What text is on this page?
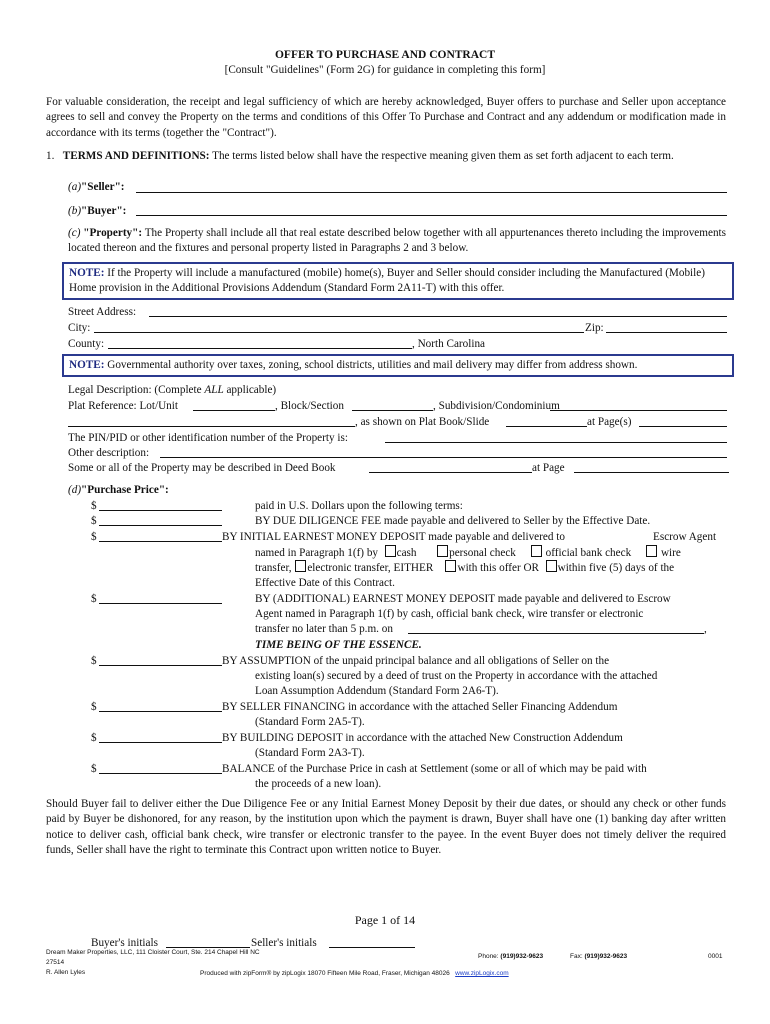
OFFER TO PURCHASE AND CONTRACT
[Consult "Guidelines" (Form 2G) for guidance in completing this form]
For valuable consideration, the receipt and legal sufficiency of which are hereby acknowledged, Buyer offers to purchase and Seller upon acceptance agrees to sell and convey the Property on the terms and conditions of this Offer To Purchase and Contract and any addendum or modification made in accordance with its terms (together the "Contract").
1. TERMS AND DEFINITIONS: The terms listed below shall have the respective meaning given them as set forth adjacent to each term.
(a)"Seller":
(b)"Buyer":
(c) "Property": The Property shall include all that real estate described below together with all appurtenances thereto including the improvements located thereon and the fixtures and personal property listed in Paragraphs 2 and 3 below.
NOTE: If the Property will include a manufactured (mobile) home(s), Buyer and Seller should consider including the Manufactured (Mobile) Home provision in the Additional Provisions Addendum (Standard Form 2A11-T) with this offer.
Street Address:
City:	Zip:
County:	, North Carolina
NOTE: Governmental authority over taxes, zoning, school districts, utilities and mail delivery may differ from address shown.
Legal Description: (Complete ALL applicable)
Plat Reference: Lot/Unit	, Block/Section	, Subdivision/Condominium
, as shown on Plat Book/Slide	at Page(s)
The PIN/PID or other identification number of the Property is:
Other description:
Some or all of the Property may be described in Deed Book	at Page
(d)"Purchase Price":
$	paid in U.S. Dollars upon the following terms:
$	BY DUE DILIGENCE FEE made payable and delivered to Seller by the Effective Date.
$	BY INITIAL EARNEST MONEY DEPOSIT made payable and delivered to	Escrow Agent
named in Paragraph 1(f) by cash	personal check	official bank check	wire
transfer, electronic transfer, EITHER with this offer OR within five (5) days of the
Effective Date of this Contract.
$	BY (ADDITIONAL) EARNEST MONEY DEPOSIT made payable and delivered to Escrow
Agent named in Paragraph 1(f) by cash, official bank check, wire transfer or electronic
transfer no later than 5 p.m. on	,
TIME BEING OF THE ESSENCE.
$	BY ASSUMPTION of the unpaid principal balance and all obligations of Seller on the
existing loan(s) secured by a deed of trust on the Property in accordance with the attached
Loan Assumption Addendum (Standard Form 2A6-T).
$	BY SELLER FINANCING in accordance with the attached Seller Financing Addendum
(Standard Form 2A5-T).
$	BY BUILDING DEPOSIT in accordance with the attached New Construction Addendum
(Standard Form 2A3-T).
$	BALANCE of the Purchase Price in cash at Settlement (some or all of which may be paid with
the proceeds of a new loan).
Should Buyer fail to deliver either the Due Diligence Fee or any Initial Earnest Money Deposit by their due dates, or should any check or other funds paid by Buyer be dishonored, for any reason, by the institution upon which the payment is drawn, Buyer shall have one (1) banking day after written notice to deliver cash, official bank check, wire transfer or electronic transfer to the payee. In the event Buyer does not timely deliver the required funds, Seller shall have the right to terminate this Contract upon written notice to Buyer.
Page 1 of 14
Buyer's initials	Seller's initials
Dream Maker Properties, LLC, 111 Cloister Court, Ste. 214 Chapel Hill NC
27514
R. Allen Lyles
Phone: (919)932-9623	Fax: (919)932-9623	0001
Produced with zipForm® by zipLogix 18070 Fifteen Mile Road, Fraser, Michigan 48026 www.zipLogix.com
